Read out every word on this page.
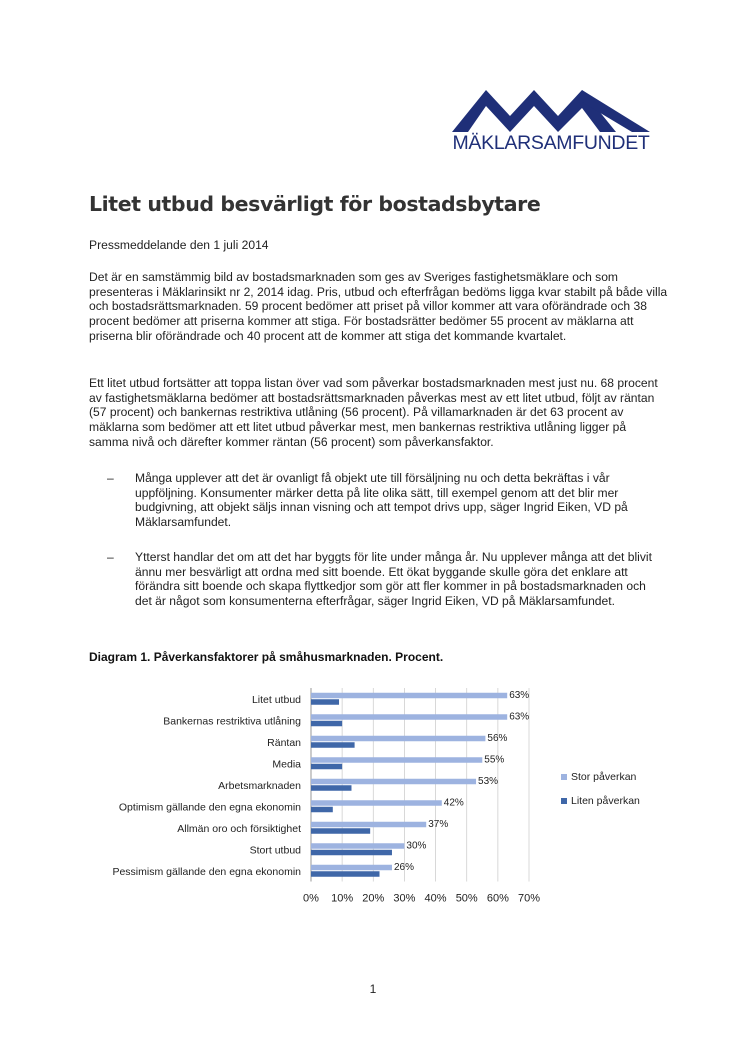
MÄKLARSAMFUNDET
Litet utbud besvärligt för bostadsbytare

Pressmeddelande den 1 juli 2014

Det är en samstämmig bild av bostadsmarknaden som ges av Sveriges fastighetsmäklare och som presenteras i Mäklarinsikt nr 2, 2014 idag. Pris, utbud och efterfrågan bedöms ligga kvar stabilt på både villa och bostadsrättsmarknaden. 59 procent bedömer att priset på villor kommer att vara oförändrade och 38 procent bedömer att priserna kommer att stiga. För bostadsrätter bedömer 55 procent av mäklarna att priserna blir oförändrade och 40 procent att de kommer att stiga det kommande kvartalet.

Ett litet utbud fortsätter att toppa listan över vad som påverkar bostadsmarknaden mest just nu. 68 procent av fastighetsmäklarna bedömer att bostadsrättsmarknaden påverkas mest av ett litet utbud, följt av räntan (57 procent) och bankernas restriktiva utlåning (56 procent). På villamarknaden är det 63 procent av mäklarna som bedömer att ett litet utbud påverkar mest, men bankernas restriktiva utlåning ligger på samma nivå och därefter kommer räntan (56 procent) som påverkansfaktor.

– Många upplever att det är ovanligt få objekt ute till försäljning nu och detta bekräftas i vår uppföljning. Konsumenter märker detta på lite olika sätt, till exempel genom att det blir mer budgivning, att objekt säljs innan visning och att tempot drivs upp, säger Ingrid Eiken, VD på Mäklarsamfundet.
– Ytterst handlar det om att det har byggts för lite under många år. Nu upplever många att det blivit ännu mer besvärligt att ordna med sitt boende. Ett ökat byggande skulle göra det enklare att förändra sitt boende och skapa flyttkedjor som gör att fler kommer in på bostadsmarknaden och det är något som konsumenterna efterfrågar, säger Ingrid Eiken, VD på Mäklarsamfundet.
Diagram 1. Påverkansfaktorer på småhusmarknaden. Procent.
0% 10% 20% 30% 40% 50% 60% 70%
Litet utbud	63%
Bankernas restriktiva utlåning	63%
Räntan	56%
Media	55%
Arbetsmarknaden	53%
Optimism gällande den egna ekonomin	42%
Allmän oro och försiktighet	37%
Stort utbud	30%
Pessimism gällande den egna ekonomin	26%
Stor påverkan
Liten påverkan
1
